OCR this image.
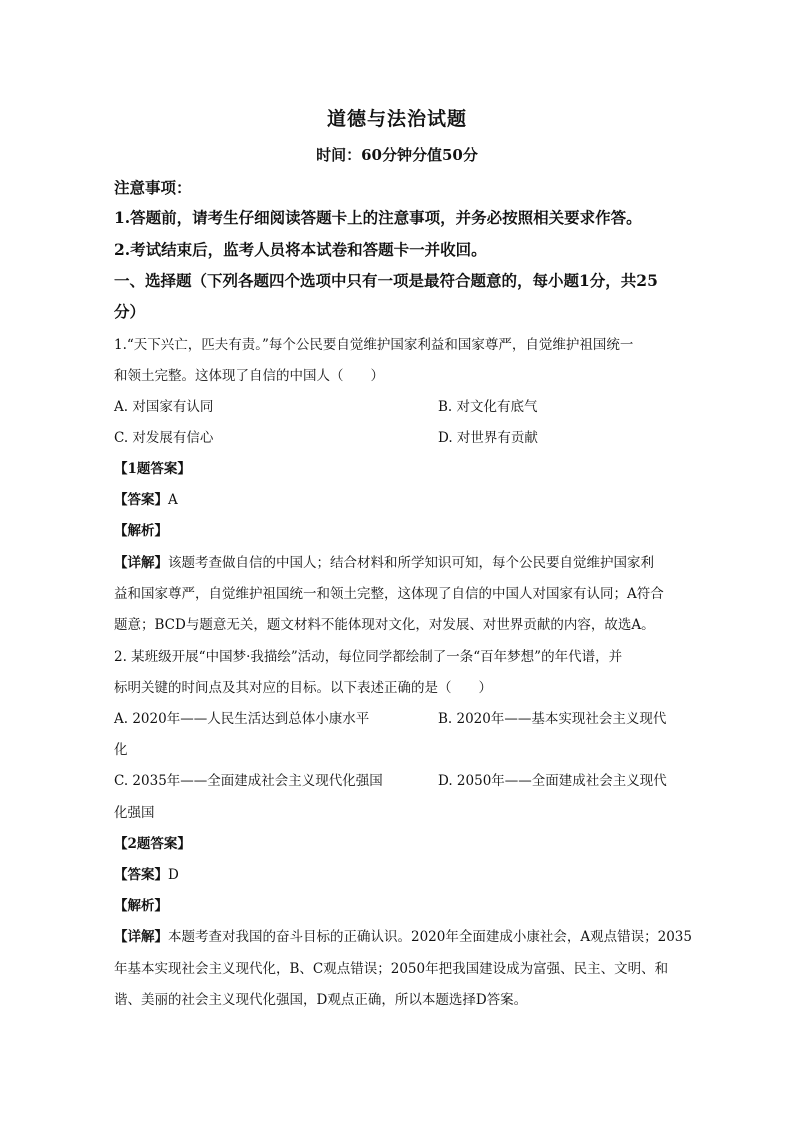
道德与法治试题
时间：60分钟分值50分
注意事项：
1.答题前，请考生仔细阅读答题卡上的注意事项，并务必按照相关要求作答。
2.考试结束后，监考人员将本试卷和答题卡一并收回。
一、选择题（下列各题四个选项中只有一项是最符合题意的，每小题1分，共25
分）
1.“天下兴亡，匹夫有责。”每个公民要自觉维护国家利益和国家尊严，自觉维护祖国统一
和领土完整。这体现了自信的中国人（　　）
A. 对国家有认同	B. 对文化有底气
C. 对发展有信心	D. 对世界有贡献
【1题答案】
【答案】A
【解析】
【详解】该题考查做自信的中国人；结合材料和所学知识可知，每个公民要自觉维护国家利
益和国家尊严，自觉维护祖国统一和领土完整，这体现了自信的中国人对国家有认同；A符合
题意；BCD与题意无关，题文材料不能体现对文化，对发展、对世界贡献的内容，故选A。
2. 某班级开展“中国梦·我描绘”活动，每位同学都绘制了一条“百年梦想”的年代谱，并
标明关键的时间点及其对应的目标。以下表述正确的是（　　）
A. 2020年——人民生活达到总体小康水平	B. 2020年——基本实现社会主义现代
化
C. 2035年——全面建成社会主义现代化强国	D. 2050年——全面建成社会主义现代
化强国
【2题答案】
【答案】D
【解析】
【详解】本题考查对我国的奋斗目标的正确认识。2020年全面建成小康社会，A观点错误；2035
年基本实现社会主义现代化，B、C观点错误；2050年把我国建设成为富强、民主、文明、和
谐、美丽的社会主义现代化强国，D观点正确，所以本题选择D答案。
